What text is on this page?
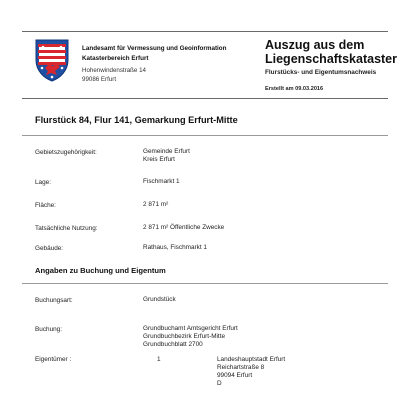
Landesamt für Vermessung und Geoinformation
Katasterbereich Erfurt
Hohenwindenstraße 14
99086 Erfurt
Auszug aus dem
Liegenschaftskataster
Flurstücks- und Eigentumsnachweis
Erstellt am 09.03.2016
Flurstück 84, Flur 141, Gemarkung Erfurt-Mitte
Gebietszugehörigkeit:	Gemeinde Erfurt
Kreis Erfurt
Lage:	Fischmarkt 1
Fläche:	2 871 m²
Tatsächliche Nutzung:	2 871 m² Öffentliche Zwecke
Gebäude:	Rathaus, Fischmarkt 1
Angaben zu Buchung und Eigentum
Buchungsart:	Grundstück
Buchung:	Grundbuchamt Amtsgericht Erfurt
Grundbuchbezirk Erfurt-Mitte
Grundbuchblatt 2700
Eigentümer :	1	Landeshauptstadt Erfurt
Reichartstraße 8
99094 Erfurt
D
